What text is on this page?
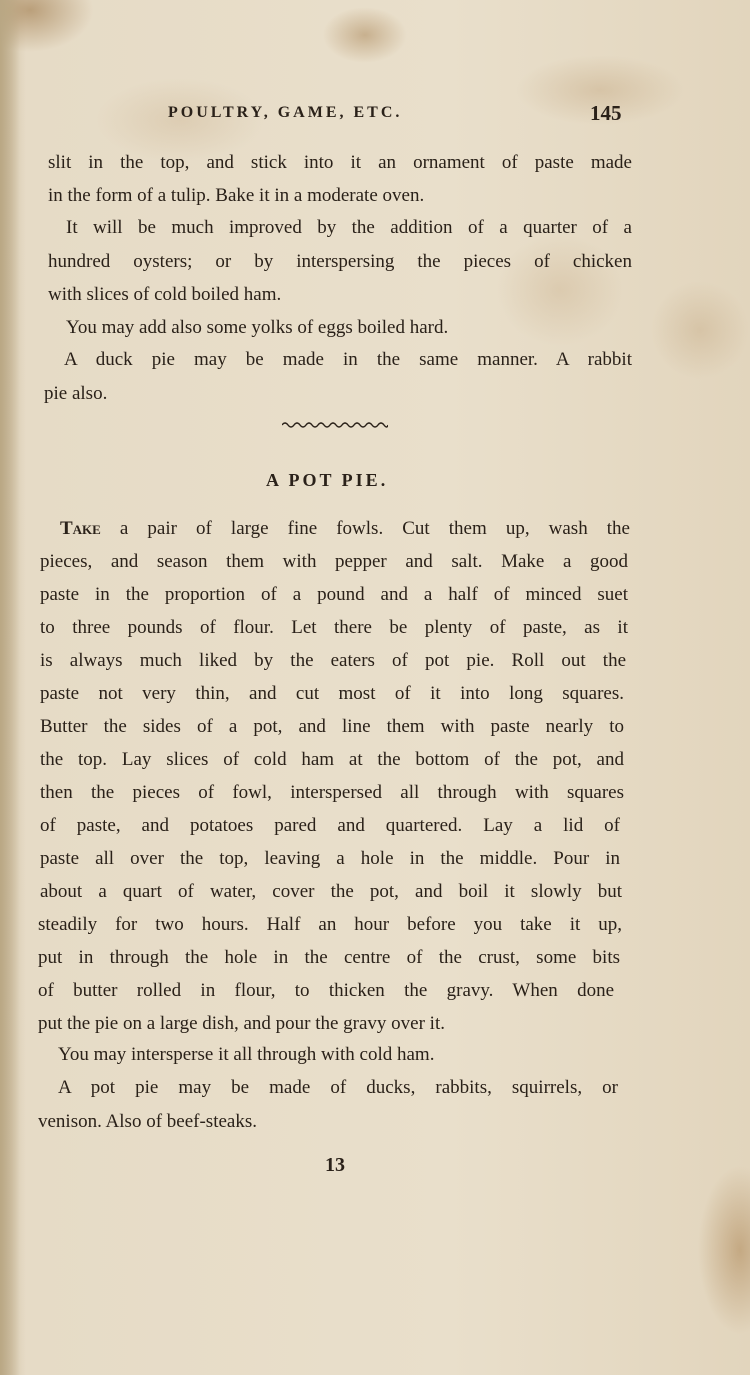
POULTRY, GAME, ETC.	145
slit in the top, and stick into it an ornament of paste made
in the form of a tulip. Bake it in a moderate oven.
It will be much improved by the addition of a quarter of a
hundred oysters; or by interspersing the pieces of chicken
with slices of cold boiled ham.
You may add also some yolks of eggs boiled hard.
A duck pie may be made in the same manner. A rabbit
pie also.
A POT PIE.
Take a pair of large fine fowls. Cut them up, wash the
pieces, and season them with pepper and salt. Make a good
paste in the proportion of a pound and a half of minced suet
to three pounds of flour. Let there be plenty of paste, as it
is always much liked by the eaters of pot pie. Roll out the
paste not very thin, and cut most of it into long squares.
Butter the sides of a pot, and line them with paste nearly to
the top. Lay slices of cold ham at the bottom of the pot, and
then the pieces of fowl, interspersed all through with squares
of paste, and potatoes pared and quartered. Lay a lid of
paste all over the top, leaving a hole in the middle. Pour in
about a quart of water, cover the pot, and boil it slowly but
steadily for two hours. Half an hour before you take it up,
put in through the hole in the centre of the crust, some bits
of butter rolled in flour, to thicken the gravy. When done
put the pie on a large dish, and pour the gravy over it.
You may intersperse it all through with cold ham.
A pot pie may be made of ducks, rabbits, squirrels, or
venison. Also of beef-steaks.
13
